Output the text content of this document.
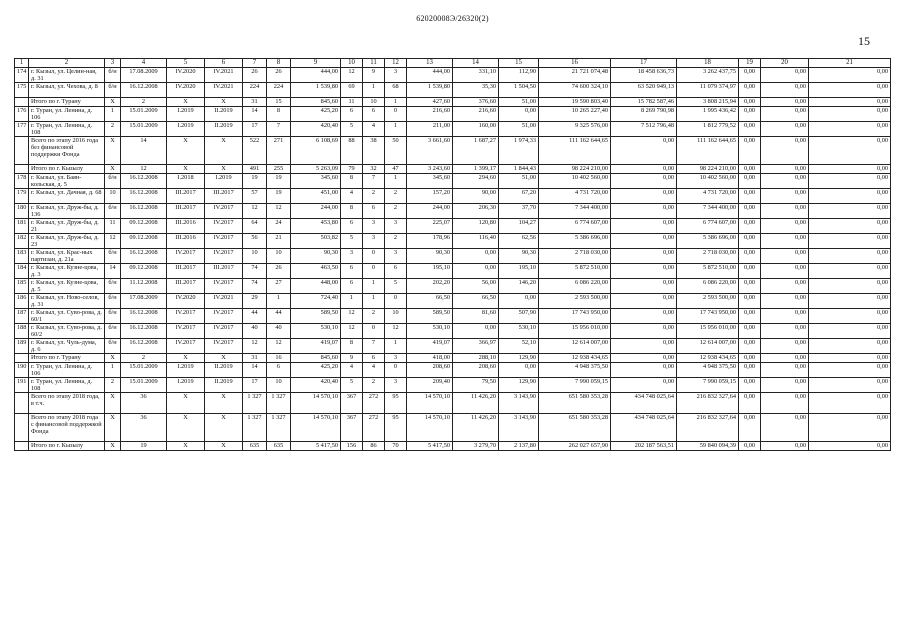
62020008Э/26320(2)
15
1	2	3	4	5	6	7	8	9	10	11	12	13	14	15	16	17	18	19	20	21
174	г. Кызыл, ул. Целин-ная, д. 31	б/н	17.08.2009	IV.2020	IV.2021	26	26	444,00	12	9	3	444,00	331,10	112,90	21 721 074,48	18 458 636,73	3 262 437,75	0,00	0,00	0,00
175	г. Кызыл, ул. Чехова, д. 8	б/н	16.12.2008	IV.2020	IV.2021	224	224	1 539,80	69	1	68	1 539,80	35,30	1 504,50	74 600 324,10	63 520 949,13	11 079 374,97	0,00	0,00	0,00
	Итого по г. Турану	X	2	X	X	31	15	845,60	11	10	1	427,60	376,60	51,00	19 590 803,40	15 782 587,46	3 808 215,94	0,00	0,00	0,00
176	г. Туран, ул. Ленина, д. 106	1	15.01.2009	I.2019	II.2019	14	8	425,20	6	6	0	216,60	216,60	0,00	10 265 227,40	8 269 790,98	1 995 436,42	0,00	0,00	0,00
177	г. Туран, ул. Ленина, д. 108	2	15.01.2009	I.2019	II.2019	17	7	420,40	5	4	1	211,00	160,00	51,00	9 325 576,00	7 512 796,48	1 812 779,52	0,00	0,00	0,00
	Всего по этапу 2016 года без финансовой поддержки Фонда	X	14	X	X	522	271	6 108,69	88	38	50	3 661,60	1 687,27	1 974,33	111 162 644,65	0,00	111 162 644,65	0,00	0,00	0,00
	Итого по г. Кызылу	X	12	X	X	491	255	5 263,09	79	32	47	3 243,60	1 399,17	1 844,43	98 224 210,00	0,00	98 224 210,00	0,00	0,00	0,00
178	г. Кызыл, ул. Баян-кольская, д. 5	б/н	16.12.2008	I.2018	I.2019	19	19	345,60	8	7	1	345,60	294,60	51,00	10 402 560,00	0,00	10 402 560,00	0,00	0,00	0,00
179	г. Кызыл, ул. Дачная, д. 68	10	16.12.2008	III.2017	III.2017	57	19	451,00	4	2	2	157,20	90,00	67,20	4 731 720,00	0,00	4 731 720,00	0,00	0,00	0,00
180	г. Кызыл, ул. Друж-бы, д. 136	б/н	16.12.2008	III.2017	IV.2017	12	12	244,00	8	6	2	244,00	206,30	37,70	7 344 400,00	0,00	7 344 400,00	0,00	0,00	0,00
181	г. Кызыл, ул. Друж-бы, д. 21	11	09.12.2008	III.2016	IV.2017	64	24	453,80	6	3	3	225,07	120,80	104,27	6 774 607,00	0,00	6 774 607,00	0,00	0,00	0,00
182	г. Кызыл, ул. Друж-бы, д. 23	12	09.12.2008	III.2016	IV.2017	56	21	503,82	5	3	2	178,96	116,40	62,56	5 386 696,00	0,00	5 386 696,00	0,00	0,00	0,00
183	г. Кызыл, ул. Крас-ных партизан, д. 21а	б/н	16.12.2008	IV.2017	IV.2017	10	10	90,30	3	0	3	90,30	0,00	90,30	2 718 030,00	0,00	2 718 030,00	0,00	0,00	0,00
184	г. Кызыл, ул. Кузне-цова, д. 3	14	09.12.2008	III.2017	III.2017	74	26	463,50	6	0	6	195,10	0,00	195,10	5 872 510,00	0,00	5 872 510,00	0,00	0,00	0,00
185	г. Кызыл, ул. Кузне-цова, д. 5	б/н	11.12.2008	III.2017	IV.2017	74	27	448,00	6	1	5	202,20	56,00	146,20	6 086 220,00	0,00	6 086 220,00	0,00	0,00	0,00
186	г. Кызыл, ул. Ново-селов, д. 31	б/н	17.08.2009	IV.2020	IV.2021	29	1	724,40	1	1	0	66,50	66,50	0,00	2 593 500,00	0,00	2 593 500,00	0,00	0,00	0,00
187	г. Кызыл, ул. Суво-рова, д. 60/1	б/н	16.12.2008	IV.2017	IV.2017	44	44	589,50	12	2	10	589,50	81,60	507,90	17 743 950,00	0,00	17 743 950,00	0,00	0,00	0,00
188	г. Кызыл, ул. Суво-рова, д. 60/2	б/н	16.12.2008	IV.2017	IV.2017	40	40	530,10	12	0	12	530,10	0,00	530,10	15 956 010,00	0,00	15 956 010,00	0,00	0,00	0,00
189	г. Кызыл, ул. Чуль-дума, д. 6	б/н	16.12.2008	IV.2017	IV.2017	12	12	419,07	8	7	1	419,07	366,97	52,10	12 614 007,00	0,00	12 614 007,00	0,00	0,00	0,00
	Итого по г. Турану	X	2	X	X	31	16	845,60	9	6	3	418,00	288,10	129,90	12 938 434,65	0,00	12 938 434,65	0,00	0,00	0,00
190	г. Туран, ул. Ленина, д. 106	1	15.01.2009	I.2019	II.2019	14	6	425,20	4	4	0	208,60	208,60	0,00	4 948 375,50	0,00	4 948 375,50	0,00	0,00	0,00
191	г. Туран, ул. Ленина, д. 108	2	15.01.2009	I.2019	II.2019	17	10	420,40	5	2	3	209,40	79,50	129,90	7 990 059,15	0,00	7 990 059,15	0,00	0,00	0,00
	Всего по этапу 2018 года, в т.ч.	X	36	X	X	1 327	1 327	14 570,10	367	272	95	14 570,10	11 426,20	3 143,90	651 580 353,28	434 748 025,64	216 832 327,64	0,00	0,00	0,00
	Всего по этапу 2018 года с финансовой поддержкой Фонда	X	36	X	X	1 327	1 327	14 570,10	367	272	95	14 570,10	11 426,20	3 143,90	651 580 353,28	434 748 025,64	216 832 327,64	0,00	0,00	0,00
	Итого по г. Кызылу	X	19	X	X	635	635	5 417,50	156	86	70	5 417,50	3 279,70	2 137,80	262 027 657,90	202 187 563,51	59 840 094,39	0,00	0,00	0,00
